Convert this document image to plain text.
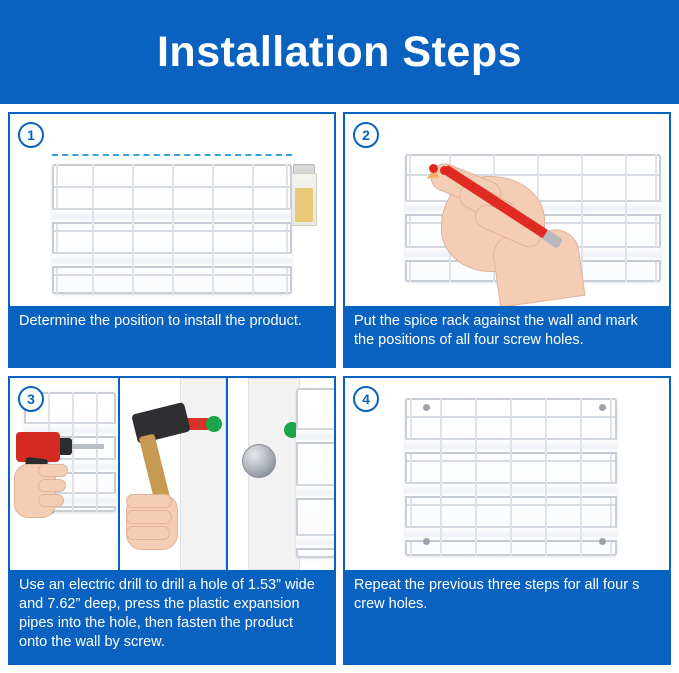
Installation Steps
1
Determine the position to install the product.
2
Put the spice rack against the wall and mark the positions of all four screw holes.
3
Use an electric drill to drill a hole of 1.53” wide and 7.62” deep, press the plastic expansion pipes into the hole, then fasten the product onto the wall by screw.
4
Repeat the previous three steps for all four s crew holes.
